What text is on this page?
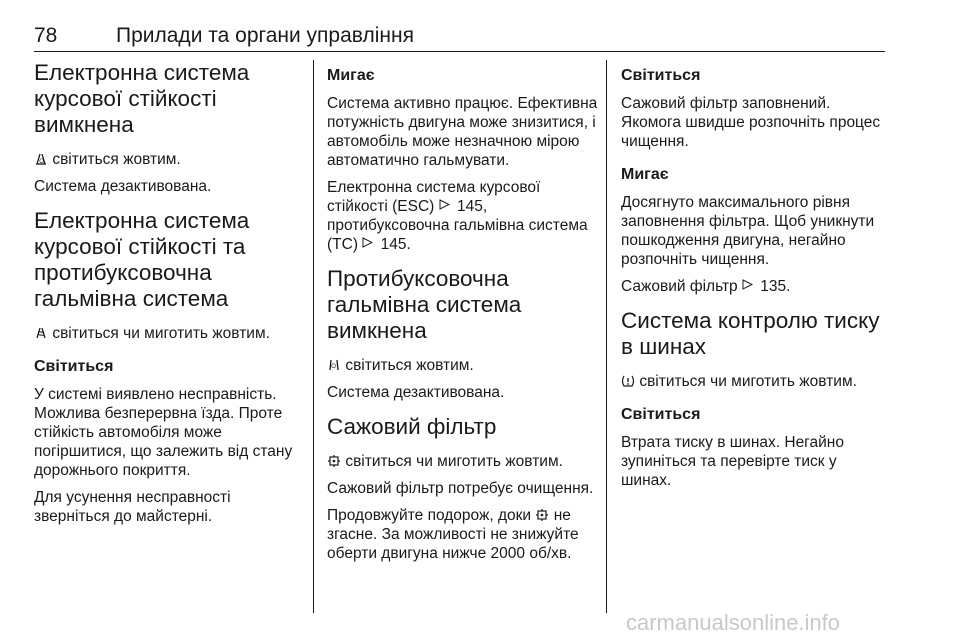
78	Прилади та органи управління
Електронна система курсової стійкості вимкнена

O світиться жовтим.

Система дезактивована.

Електронна система курсової стійкості та протибуксовочна гальмівна система

світиться чи миготить жовтим.

Світиться

У системі виявлено несправність. Можлива безперервна їзда. Проте стійкість автомобіля може погіршитися, що залежить від стану дорожнього покриття.

Для усунення несправності зверніться до майстерні.

Мигає

Система активно працює. Ефективна потужність двигуна може знизитися, і автомобіль може незначною мірою автоматично гальмувати.

Електронна система курсової стійкості (ESC) 145, протибуксовочна гальмівна система (TC) 145.

Протибуксовочна гальмівна система вимкнена

O світиться жовтим.

Система дезактивована.

Сажовий фільтр

світиться чи миготить жовтим.

Сажовий фільтр потребує очищення.

Продовжуйте подорож, доки не згасне. За можливості не знижуйте оберти двигуна нижче 2000 об/хв.

Світиться

Сажовий фільтр заповнений. Якомога швидше розпочніть процес чищення.

Мигає

Досягнуто максимального рівня заповнення фільтра. Щоб уникнути пошкодження двигуна, негайно розпочніть чищення.

Сажовий фільтр 135.

Система контролю тиску в шинах

світиться чи миготить жовтим.

Світиться

Втрата тиску в шинах. Негайно зупиніться та перевірте тиск у шинах.

carmanualsonline.info
